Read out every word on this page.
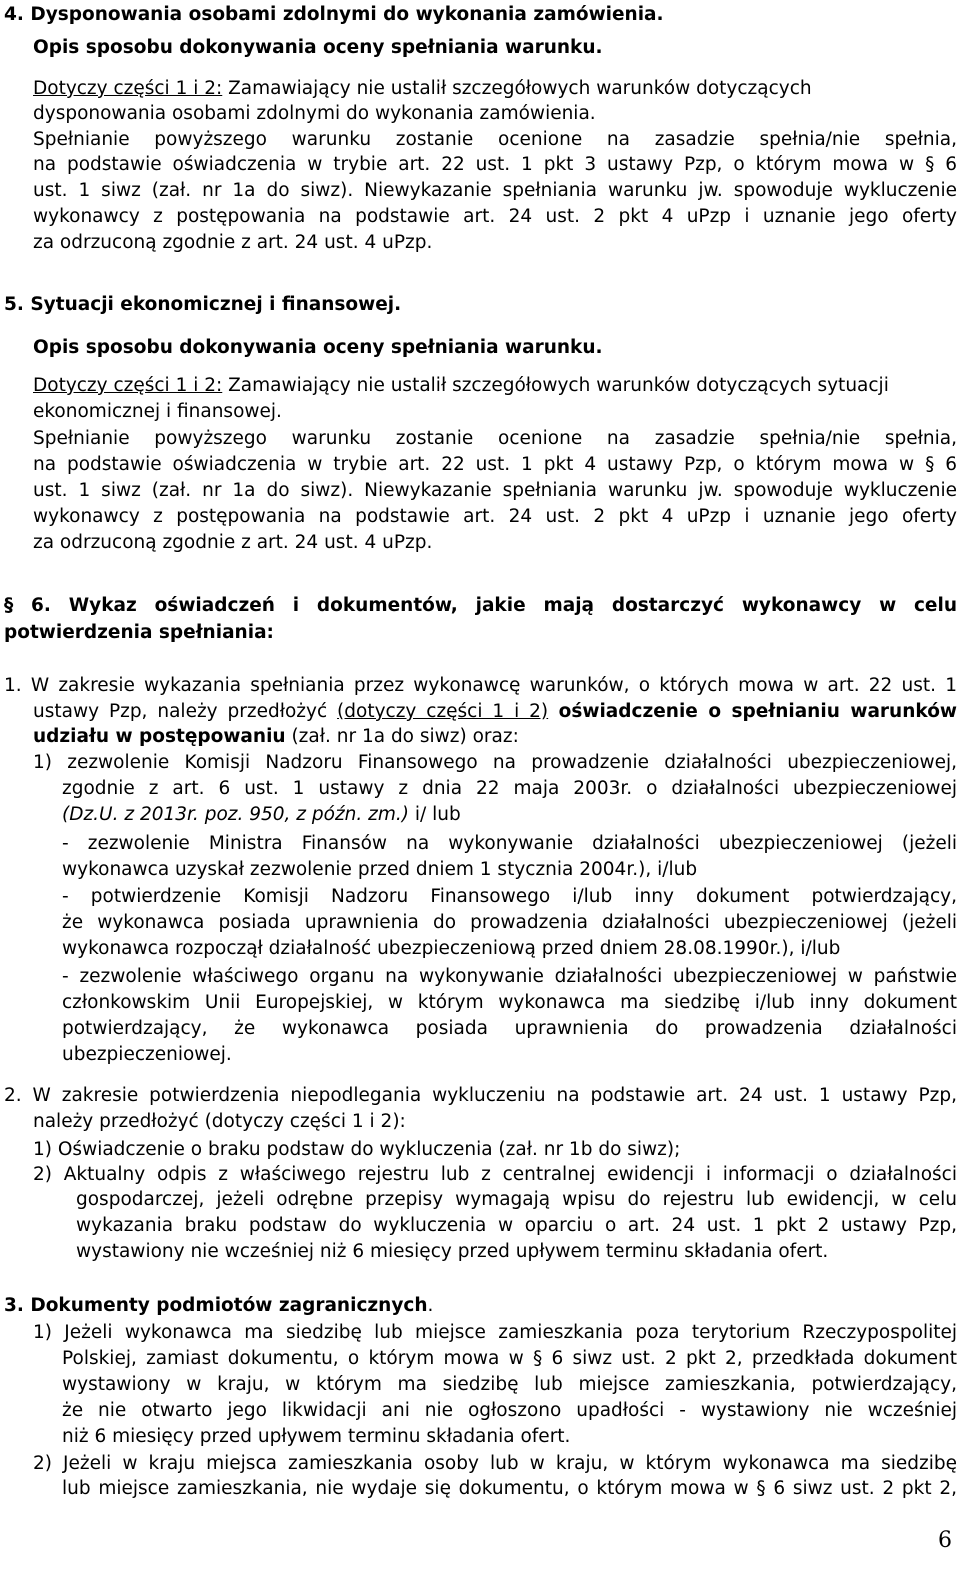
4. Dysponowania osobami zdolnymi do wykonania zamówienia.
Opis sposobu dokonywania oceny spełniania warunku.
Dotyczy części 1 i 2: Zamawiający nie ustalił szczegółowych warunków dotyczących
dysponowania osobami zdolnymi do wykonania zamówienia.
Spełnianie powyższego warunku zostanie ocenione na zasadzie spełnia/nie spełnia,
na podstawie oświadczenia w trybie art. 22 ust. 1 pkt 3 ustawy Pzp, o którym mowa w § 6
ust. 1 siwz (zał. nr 1a do siwz). Niewykazanie spełniania warunku jw. spowoduje wykluczenie
wykonawcy z postępowania na podstawie art. 24 ust. 2 pkt 4 uPzp i uznanie jego oferty
za odrzuconą zgodnie z art. 24 ust. 4 uPzp.
5. Sytuacji ekonomicznej i finansowej.
Opis sposobu dokonywania oceny spełniania warunku.
Dotyczy części 1 i 2: Zamawiający nie ustalił szczegółowych warunków dotyczących sytuacji
ekonomicznej i finansowej.
Spełnianie powyższego warunku zostanie ocenione na zasadzie spełnia/nie spełnia,
na podstawie oświadczenia w trybie art. 22 ust. 1 pkt 4 ustawy Pzp, o którym mowa w § 6
ust. 1 siwz (zał. nr 1a do siwz). Niewykazanie spełniania warunku jw. spowoduje wykluczenie
wykonawcy z postępowania na podstawie art. 24 ust. 2 pkt 4 uPzp i uznanie jego oferty
za odrzuconą zgodnie z art. 24 ust. 4 uPzp.
§ 6. Wykaz oświadczeń i dokumentów, jakie mają dostarczyć wykonawcy w celu
potwierdzenia spełniania:
1. W zakresie wykazania spełniania przez wykonawcę warunków, o których mowa w art. 22 ust. 1
ustawy Pzp, należy przedłożyć (dotyczy części 1 i 2) oświadczenie o spełnianiu warunków
udziału w postępowaniu (zał. nr 1a do siwz) oraz:
1) zezwolenie Komisji Nadzoru Finansowego na prowadzenie działalności ubezpieczeniowej,
zgodnie z art. 6 ust. 1 ustawy z dnia 22 maja 2003r. o działalności ubezpieczeniowej
(Dz.U. z 2013r. poz. 950, z późn. zm.) i/ lub
- zezwolenie Ministra Finansów na wykonywanie działalności ubezpieczeniowej (jeżeli
wykonawca uzyskał zezwolenie przed dniem 1 stycznia 2004r.), i/lub
- potwierdzenie Komisji Nadzoru Finansowego i/lub inny dokument potwierdzający,
że wykonawca posiada uprawnienia do prowadzenia działalności ubezpieczeniowej (jeżeli
wykonawca rozpoczął działalność ubezpieczeniową przed dniem 28.08.1990r.), i/lub
- zezwolenie właściwego organu na wykonywanie działalności ubezpieczeniowej w państwie
członkowskim Unii Europejskiej, w którym wykonawca ma siedzibę i/lub inny dokument
potwierdzający, że wykonawca posiada uprawnienia do prowadzenia działalności
ubezpieczeniowej.
2. W zakresie potwierdzenia niepodlegania wykluczeniu na podstawie art. 24 ust. 1 ustawy Pzp,
należy przedłożyć (dotyczy części 1 i 2):
1) Oświadczenie o braku podstaw do wykluczenia (zał. nr 1b do siwz);
2) Aktualny odpis z właściwego rejestru lub z centralnej ewidencji i informacji o działalności
gospodarczej, jeżeli odrębne przepisy wymagają wpisu do rejestru lub ewidencji, w celu
wykazania braku podstaw do wykluczenia w oparciu o art. 24 ust. 1 pkt 2 ustawy Pzp,
wystawiony nie wcześniej niż 6 miesięcy przed upływem terminu składania ofert.
3. Dokumenty podmiotów zagranicznych.
1) Jeżeli wykonawca ma siedzibę lub miejsce zamieszkania poza terytorium Rzeczypospolitej
Polskiej, zamiast dokumentu, o którym mowa w § 6 siwz ust. 2 pkt 2, przedkłada dokument
wystawiony w kraju, w którym ma siedzibę lub miejsce zamieszkania, potwierdzający,
że nie otwarto jego likwidacji ani nie ogłoszono upadłości - wystawiony nie wcześniej
niż 6 miesięcy przed upływem terminu składania ofert.
2) Jeżeli w kraju miejsca zamieszkania osoby lub w kraju, w którym wykonawca ma siedzibę
lub miejsce zamieszkania, nie wydaje się dokumentu, o którym mowa w § 6 siwz ust. 2 pkt 2,
6
